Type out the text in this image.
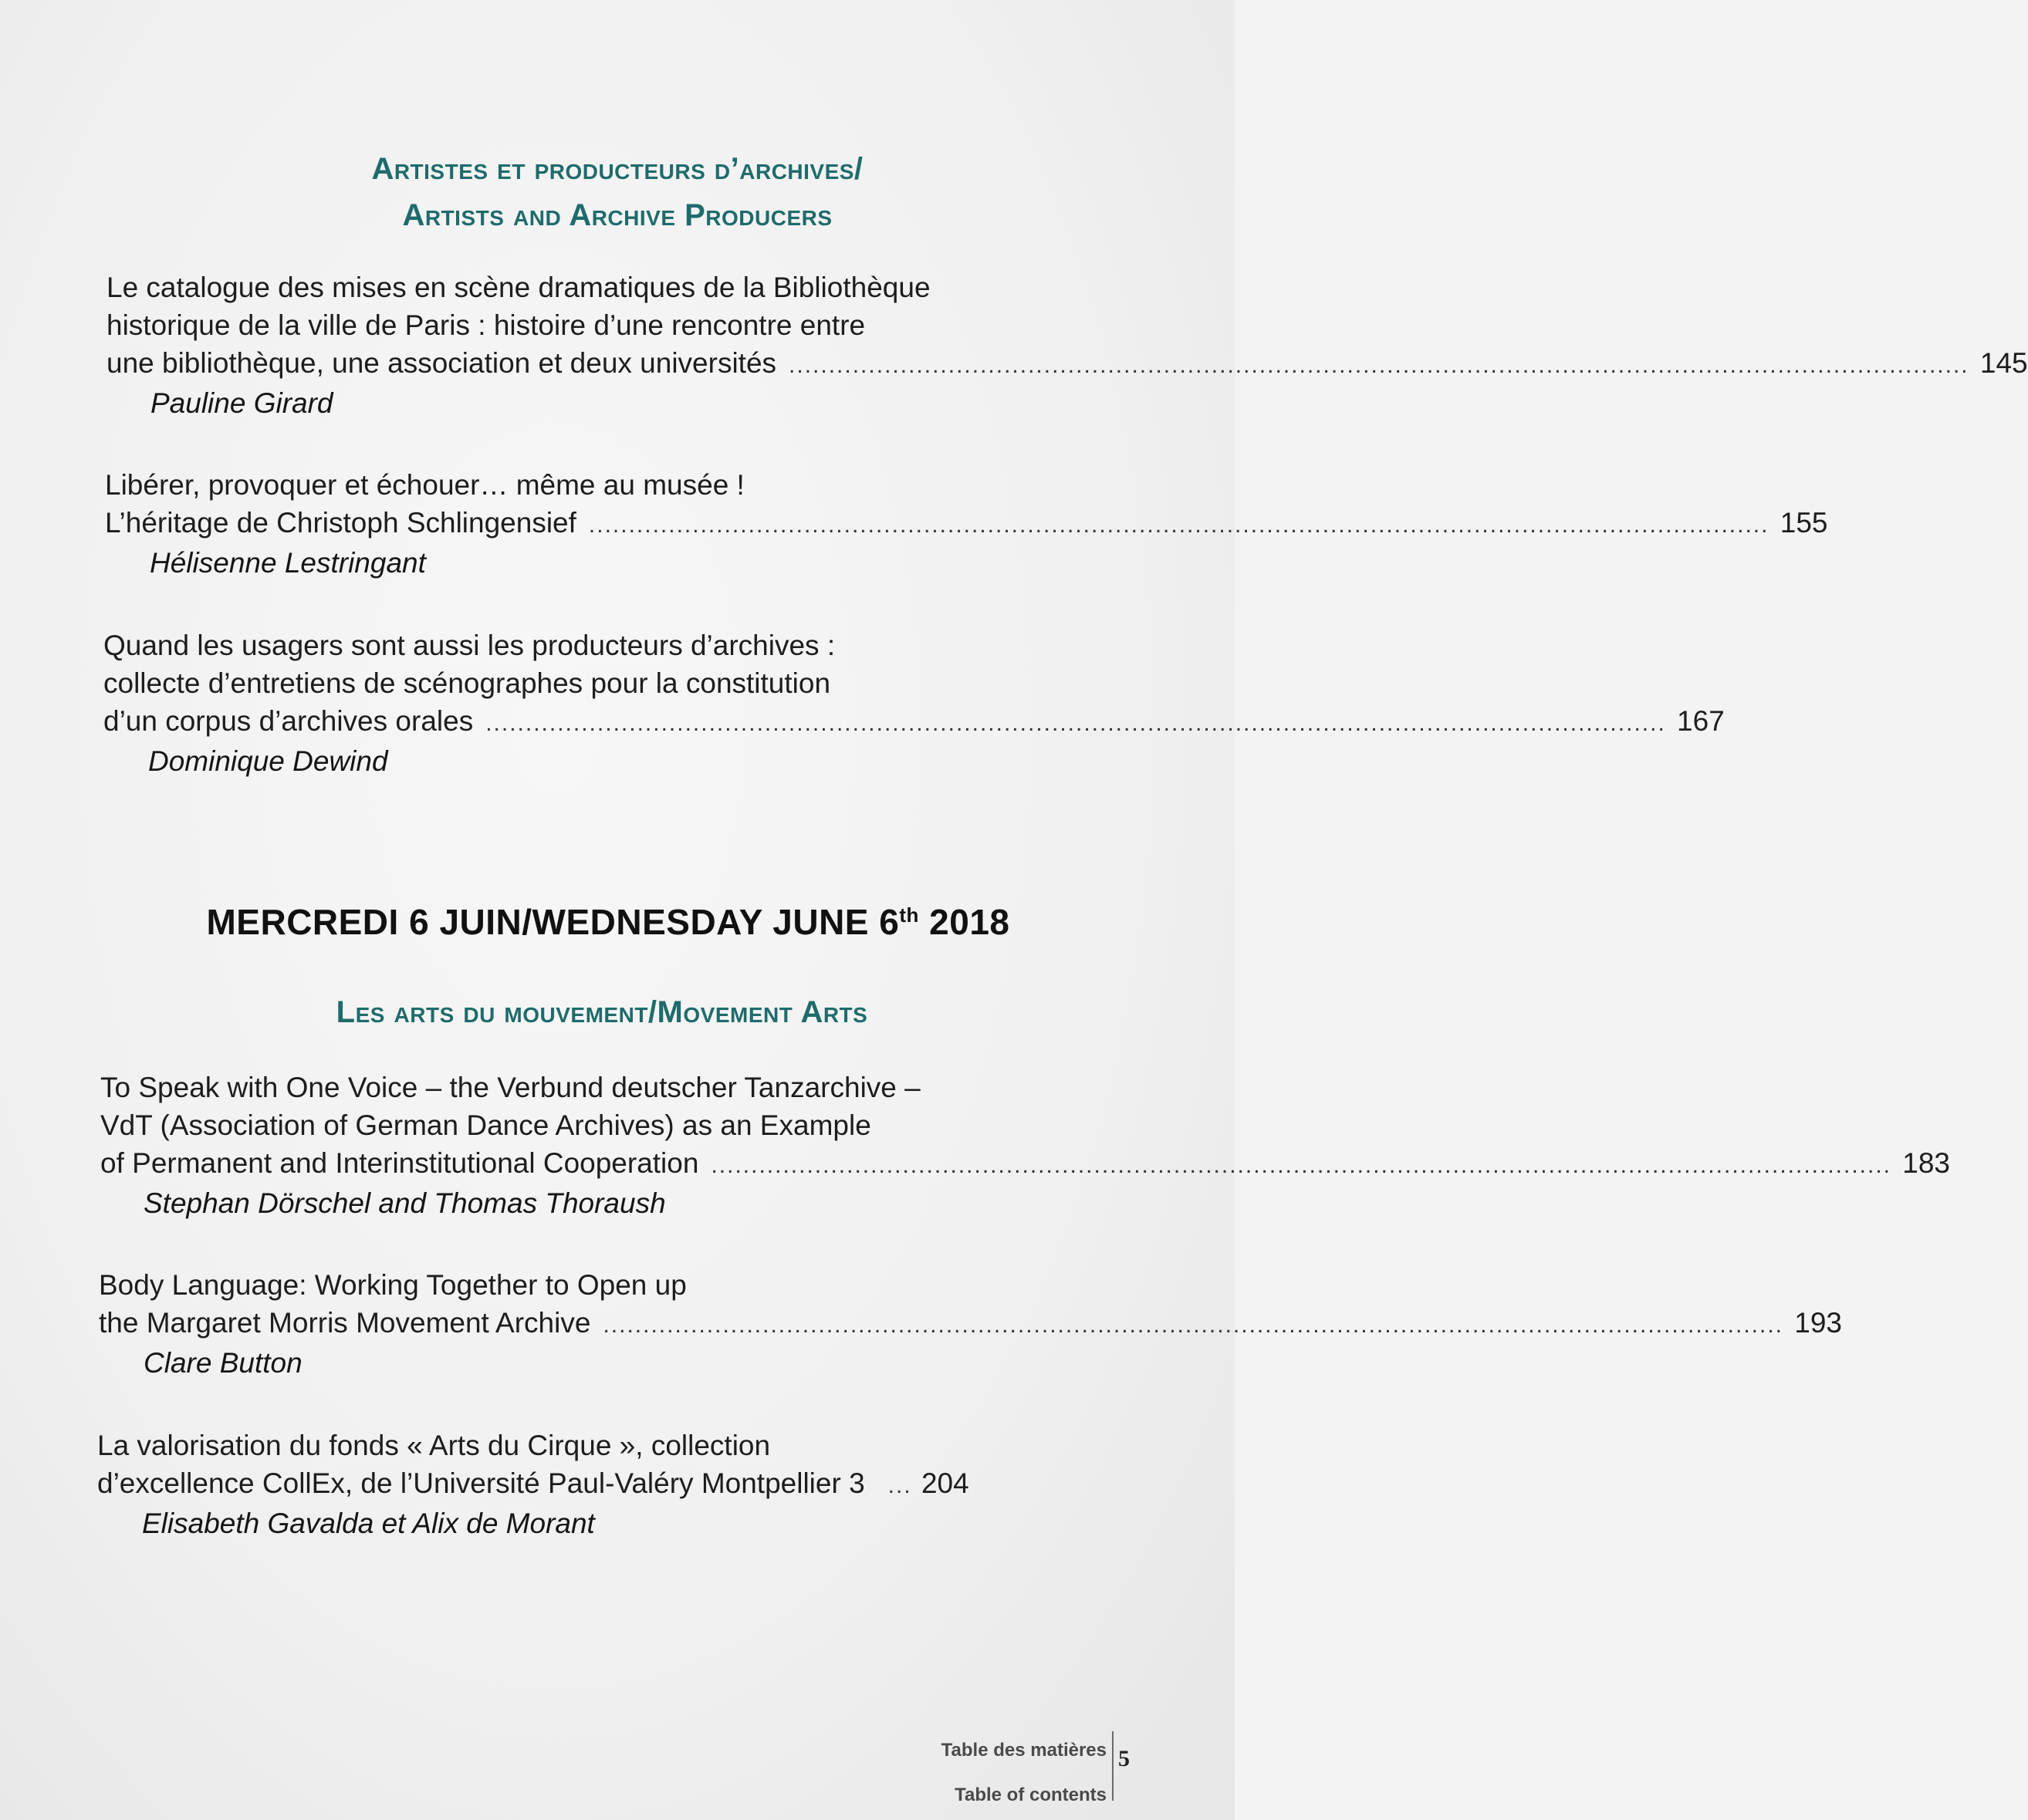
Artistes et producteurs d’archives/
Artists and Archive Producers
Le catalogue des mises en scène dramatiques de la Bibliothèque
historique de la ville de Paris : histoire d’une rencontre entre
une bibliothèque, une association et deux universités .................................................................................................................................................... 145
Pauline Girard
Libérer, provoquer et échouer… même au musée !
L’héritage de Christoph Schlingensief .................................................................................................................................................... 155
Hélisenne Lestringant
Quand les usagers sont aussi les producteurs d’archives :
collecte d’entretiens de scénographes pour la constitution
d’un corpus d’archives orales .................................................................................................................................................... 167
Dominique Dewind
MERCREDI 6 JUIN/WEDNESDAY JUNE 6th 2018
Les arts du mouvement/Movement Arts
To Speak with One Voice – the Verbund deutscher Tanzarchive –
VdT (Association of German Dance Archives) as an Example
of Permanent and Interinstitutional Cooperation .................................................................................................................................................... 183
Stephan Dörschel and Thomas Thoraush
Body Language: Working Together to Open up
the Margaret Morris Movement Archive .................................................................................................................................................... 193
Clare Button
La valorisation du fonds « Arts du Cirque », collection
d’excellence CollEx, de l’Université Paul-Valéry Montpellier 3 ... 204
Elisabeth Gavalda et Alix de Morant
Table des matières
Table of contents
5
